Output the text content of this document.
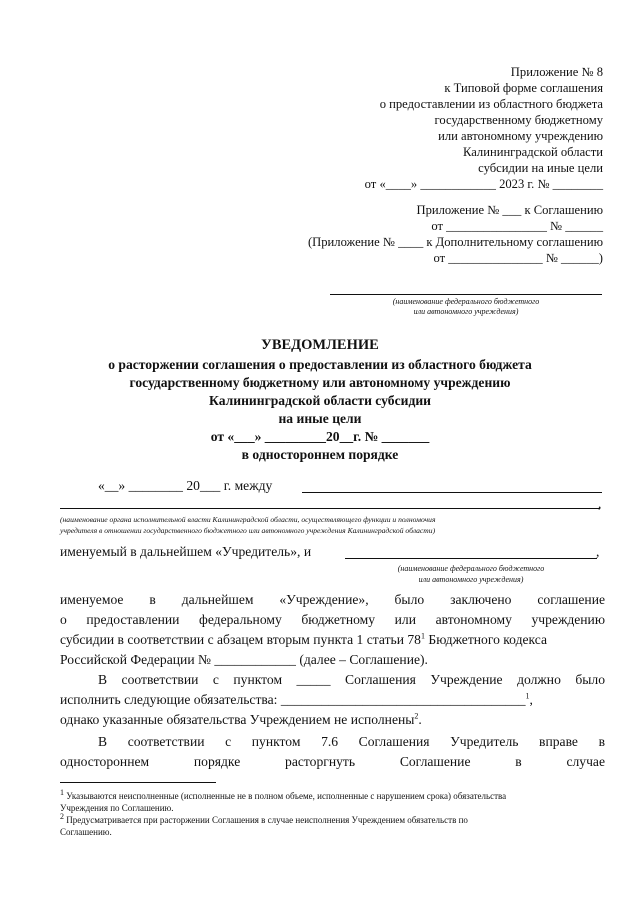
Приложение № 8
к Типовой форме соглашения
о предоставлении из областного бюджета
государственному бюджетному
или автономному учреждению
Калининградской области
субсидии на иные цели
от «____» ____________ 2023 г. № ________
Приложение № ___ к Соглашению
от ________________ № ______
(Приложение № ____ к Дополнительному соглашению
от _______________ № ______)
(наименование федерального бюджетного
или автономного учреждения)
УВЕДОМЛЕНИЕ
о расторжении соглашения о предоставлении из областного бюджета
государственному бюджетному или автономному учреждению
Калининградской области субсидии
на иные цели
от «___» _________20__г. № _______
в одностороннем порядке
«__» ________ 20___ г. между
,
(наименование органа исполнительной власти Калининградской области, осуществляющего функции и полномочия
учредителя в отношении государственного бюджетного или автономного учреждения Калининградской области)
именуемый в дальнейшем «Учредитель», и	,
(наименование федерального бюджетного
или автономного учреждения)
именуемое в дальнейшем «Учреждение», было заключено соглашение
о предоставлении федеральному бюджетному или автономному учреждению
субсидии в соответствии с абзацем вторым пункта 1 статьи $78^1$ Бюджетного кодекса
Российской Федерации № ____________ (далее – Соглашение).
В соответствии с пунктом _____ Соглашения Учреждение должно было
исполнить следующие обязательства: ____________________________________$^1$,
однако указанные обязательства Учреждением не исполнены$^2$.
В соответствии с пунктом 7.6 Соглашения Учредитель вправе в
одностороннем порядке расторгнуть Соглашение в случае
$^1$ Указываются неисполненные (исполненные не в полном объеме, исполненные с нарушением срока) обязательства
Учреждения по Соглашению.
$^2$ Предусматривается при расторжении Соглашения в случае неисполнения Учреждением обязательств по
Соглашению.
